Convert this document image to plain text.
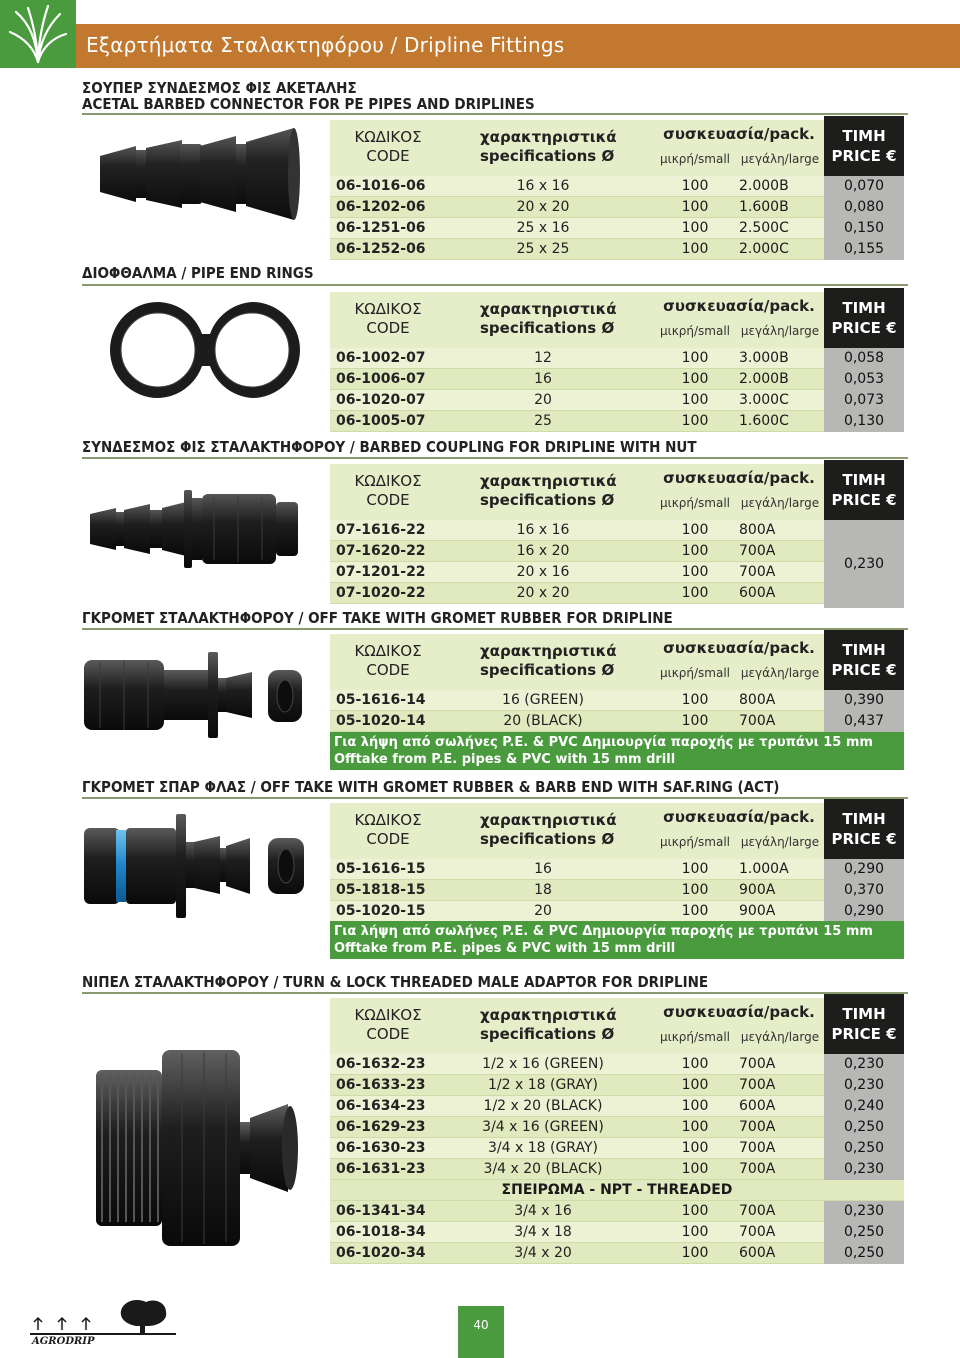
Εξαρτήματα Σταλακτηφόρου / Dripline Fittings
ΣΟΥΠΕΡ ΣΥΝΔΕΣΜΟΣ ΦΙΣ ΑΚΕΤΑΛΗΣ
ACETAL BARBED CONNECTOR FOR PE PIPES AND DRIPLINES
ΚΩΔΙΚΟΣ
CODE
χαρακτηριστικά
specifications Ø
συσκευασία/pack.
μικρή/small μεγάλη/large
ΤΙΜΗ
PRICE €
06-1016-06	16 x 16	100	2.000B	0,070
06-1202-06	20 x 20	100	1.600B	0,080
06-1251-06	25 x 16	100	2.500C	0,150
06-1252-06	25 x 25	100	2.000C	0,155
ΔΙΟΦΘΑΛΜΑ / PIPE END RINGS
ΚΩΔΙΚΟΣ
CODE
χαρακτηριστικά
specifications Ø
συσκευασία/pack.
μικρή/small μεγάλη/large
ΤΙΜΗ
PRICE €
06-1002-07	12	100	3.000B	0,058
06-1006-07	16	100	2.000B	0,053
06-1020-07	20	100	3.000C	0,073
06-1005-07	25	100	1.600C	0,130
ΣΥΝΔΕΣΜΟΣ ΦΙΣ ΣΤΑΛΑΚΤΗΦΟΡΟΥ / BARBED COUPLING FOR DRIPLINE WITH NUT
ΚΩΔΙΚΟΣ
CODE
χαρακτηριστικά
specifications Ø
συσκευασία/pack.
μικρή/small μεγάλη/large
ΤΙΜΗ
PRICE €
07-1616-22	16 x 16	100	800A
07-1620-22	16 x 20	100	700A
07-1201-22	20 x 16	100	700A
07-1020-22	20 x 20	100	600A
0,230
ΓΚΡΟΜΕΤ ΣΤΑΛΑΚΤΗΦΟΡΟΥ / OFF TAKE WITH GROMET RUBBER FOR DRIPLINE
ΚΩΔΙΚΟΣ
CODE
χαρακτηριστικά
specifications Ø
συσκευασία/pack.
μικρή/small μεγάλη/large
ΤΙΜΗ
PRICE €
05-1616-14	16 (GREEN)	100	800A	0,390
05-1020-14	20 (BLACK)	100	700A	0,437
Για λήψη από σωλήνες P.E. & PVC Δημιουργία παροχής με τρυπάνι 15 mm
Offtake from P.E. pipes & PVC with 15 mm drill
ΓΚΡΟΜΕΤ ΣΠΑΡ ΦΛΑΣ / OFF TAKE WITH GROMET RUBBER & BARB END WITH SAF.RING (ACT)
ΚΩΔΙΚΟΣ
CODE
χαρακτηριστικά
specifications Ø
συσκευασία/pack.
μικρή/small μεγάλη/large
ΤΙΜΗ
PRICE €
05-1616-15	16	100	1.000A	0,290
05-1818-15	18	100	900A	0,370
05-1020-15	20	100	900A	0,290
Για λήψη από σωλήνες P.E. & PVC Δημιουργία παροχής με τρυπάνι 15 mm
Offtake from P.E. pipes & PVC with 15 mm drill
ΝΙΠΕΛ ΣΤΑΛΑΚΤΗΦΟΡΟΥ / TURN & LOCK THREADED MALE ADAPTOR FOR DRIPLINE
ΚΩΔΙΚΟΣ
CODE
χαρακτηριστικά
specifications Ø
συσκευασία/pack.
μικρή/small μεγάλη/large
ΤΙΜΗ
PRICE €
06-1632-23	1/2 x 16 (GREEN)	100	700A	0,230
06-1633-23	1/2 x 18 (GRAY)	100	700A	0,230
06-1634-23	1/2 x 20 (BLACK)	100	600A	0,240
06-1629-23	3/4 x 16 (GREEN)	100	700A	0,250
06-1630-23	3/4 x 18 (GRAY)	100	700A	0,250
06-1631-23	3/4 x 20 (BLACK)	100	700A	0,230
ΣΠΕΙΡΩΜΑ - NPT - THREADED
06-1341-34	3/4 x 16	100	700A	0,230
06-1018-34	3/4 x 18	100	700A	0,250
06-1020-34	3/4 x 20	100	600A	0,250
AGRODRIP
40
